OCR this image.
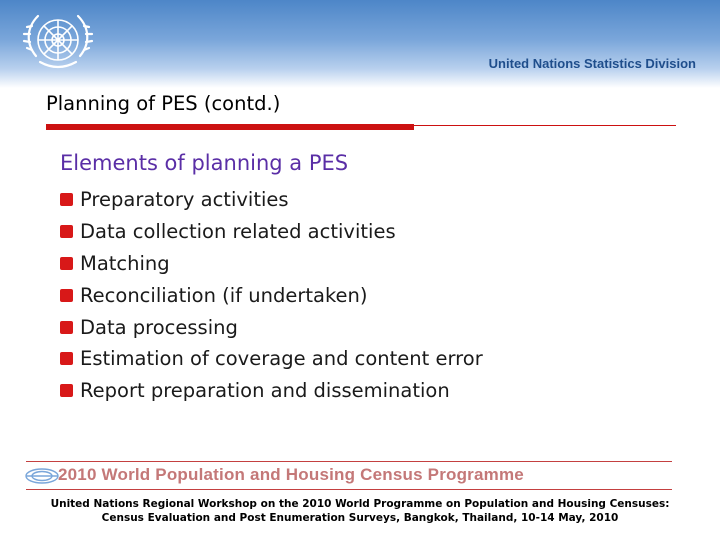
United Nations Statistics Division
Planning of PES (contd.)
Elements of planning a PES
Preparatory activities
Data collection related activities
Matching
Reconciliation (if undertaken)
Data processing
Estimation of coverage and content error
Report preparation and dissemination
2010 World Population and Housing Census Programme
United Nations Regional Workshop on the 2010 World Programme on Population and Housing Censuses:
Census Evaluation and Post Enumeration Surveys, Bangkok, Thailand, 10-14 May, 2010
